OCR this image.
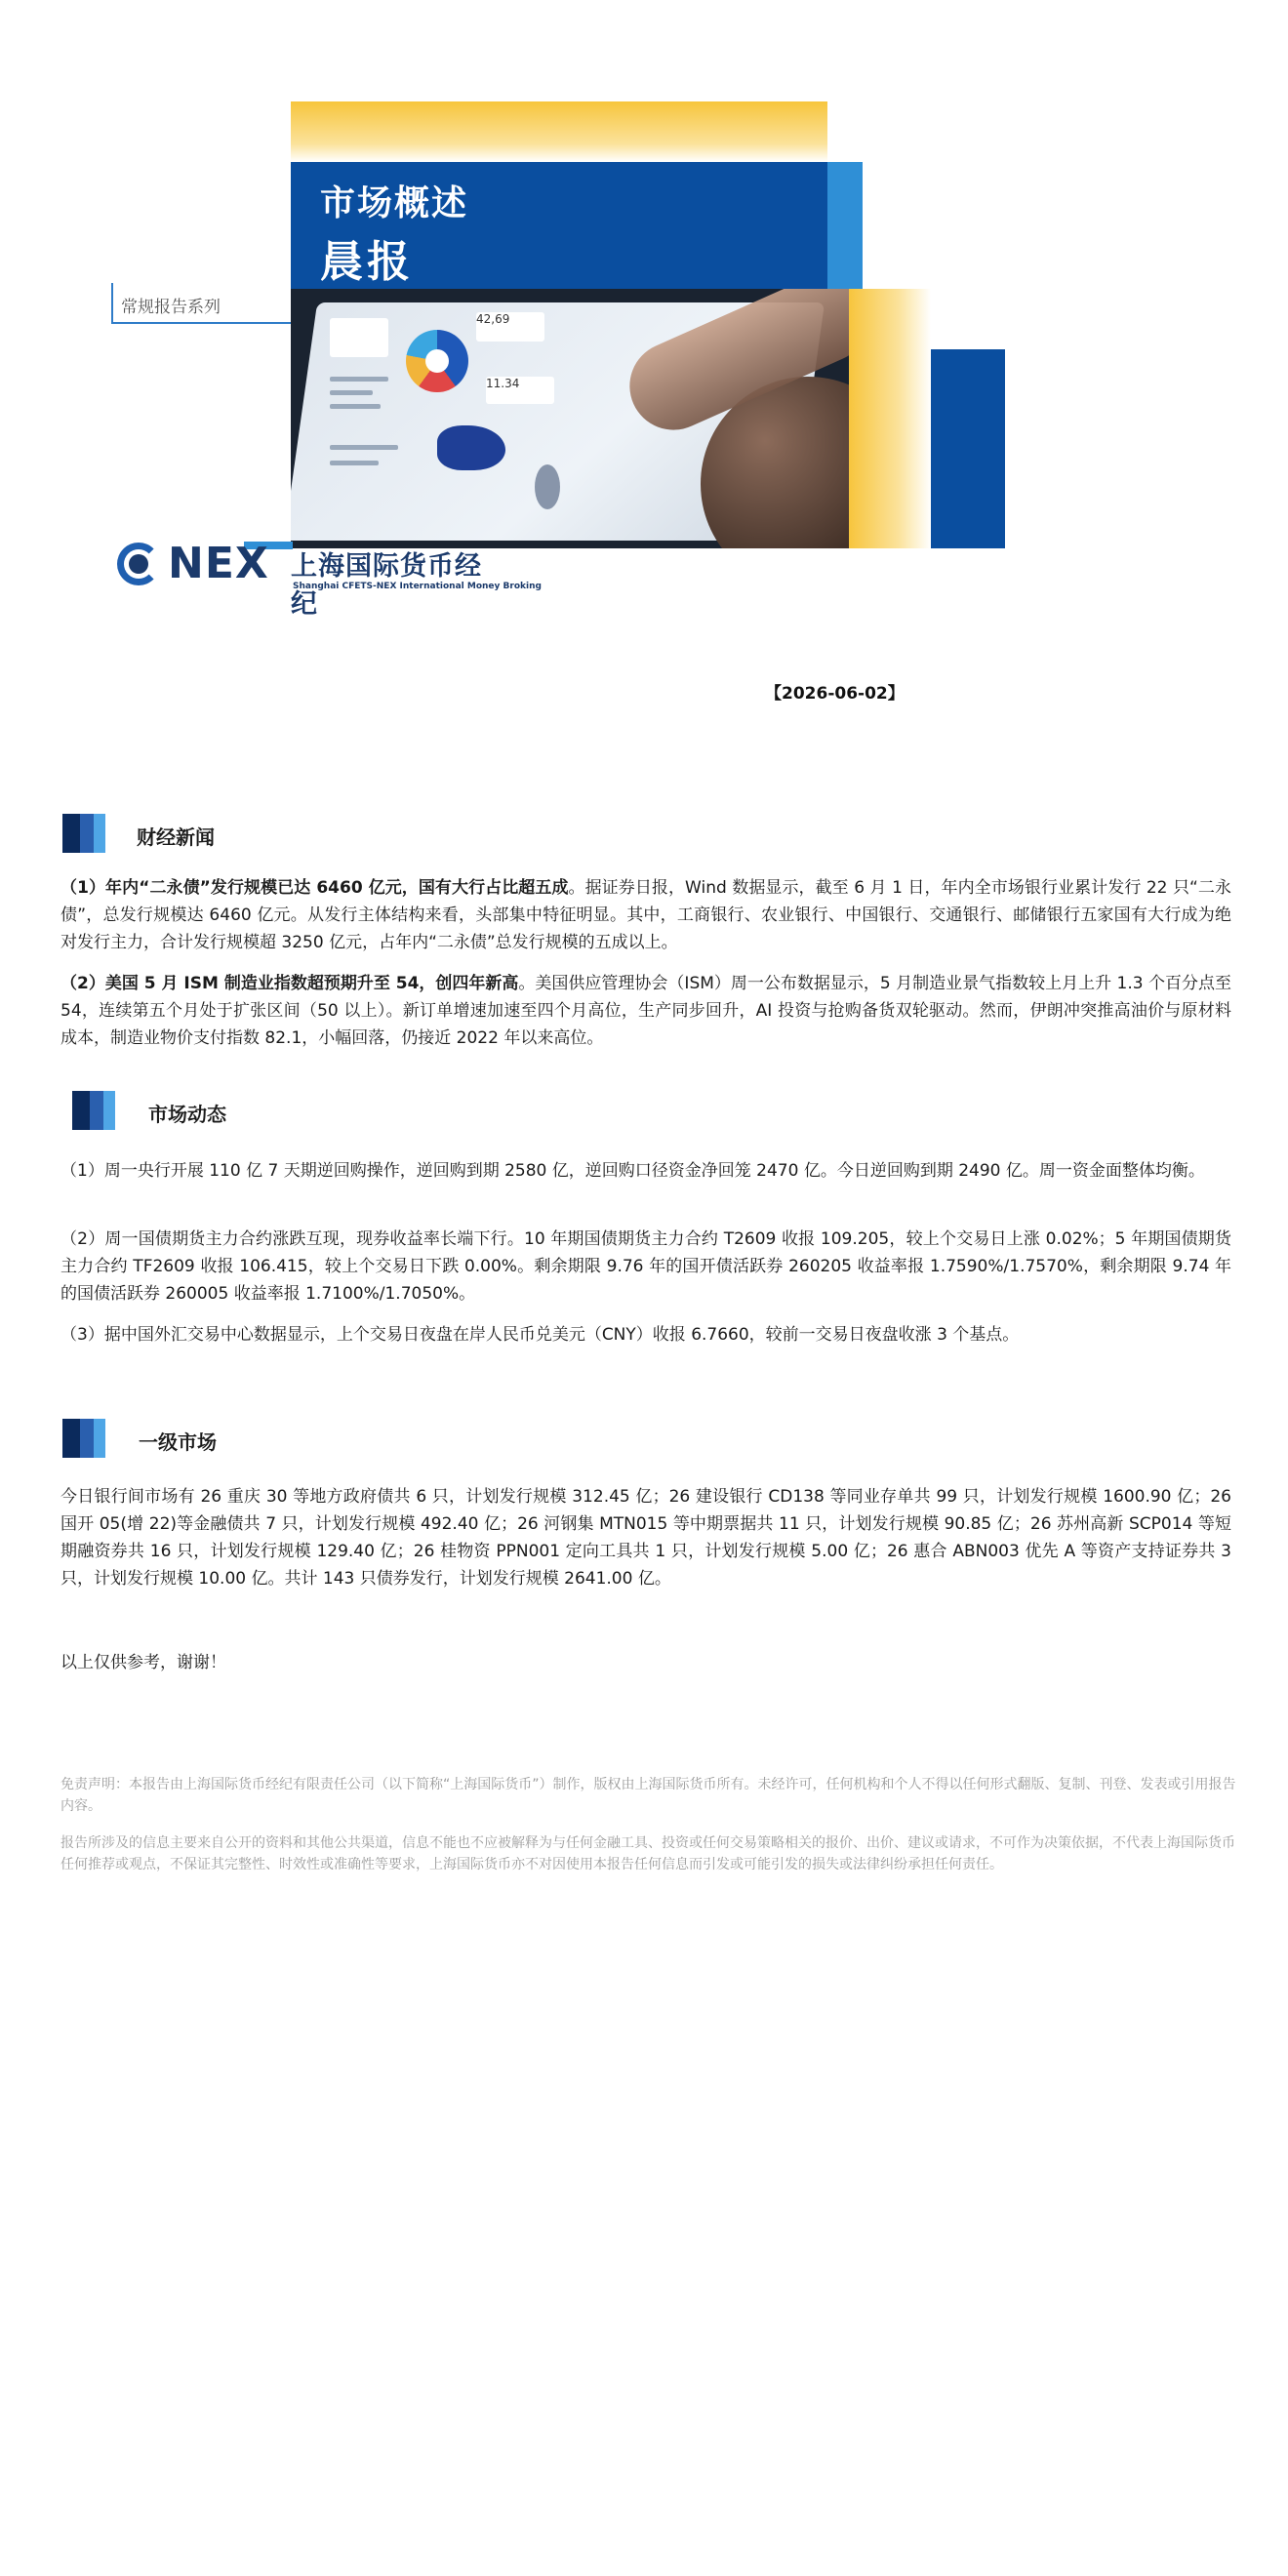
市场概述
晨报
常规报告系列
42,69
11.34
NEX 上海国际货币经纪
Shanghai CFETS-NEX International Money Broking
【2026-06-02】
财经新闻

（1）年内“二永债”发行规模已达 6460 亿元，国有大行占比超五成。据证券日报，Wind 数据显示，截至 6 月 1 日，年内全市场银行业累计发行 22 只“二永债”，总发行规模达 6460 亿元。从发行主体结构来看，头部集中特征明显。其中，工商银行、农业银行、中国银行、交通银行、邮储银行五家国有大行成为绝对发行主力，合计发行规模超 3250 亿元，占年内“二永债”总发行规模的五成以上。

（2）美国 5 月 ISM 制造业指数超预期升至 54，创四年新高。美国供应管理协会（ISM）周一公布数据显示，5 月制造业景气指数较上月上升 1.3 个百分点至 54，连续第五个月处于扩张区间（50 以上）。新订单增速加速至四个月高位，生产同步回升，AI 投资与抢购备货双轮驱动。然而，伊朗冲突推高油价与原材料成本，制造业物价支付指数 82.1，小幅回落，仍接近 2022 年以来高位。

市场动态

（1）周一央行开展 110 亿 7 天期逆回购操作，逆回购到期 2580 亿，逆回购口径资金净回笼 2470 亿。今日逆回购到期 2490 亿。周一资金面整体均衡。

（2）周一国债期货主力合约涨跌互现，现券收益率长端下行。10 年期国债期货主力合约 T2609 收报 109.205，较上个交易日上涨 0.02%；5 年期国债期货主力合约 TF2609 收报 106.415，较上个交易日下跌 0.00%。剩余期限 9.76 年的国开债活跃券 260205 收益率报 1.7590%/1.7570%，剩余期限 9.74 年的国债活跃券 260005 收益率报 1.7100%/1.7050%。

（3）据中国外汇交易中心数据显示，上个交易日夜盘在岸人民币兑美元（CNY）收报 6.7660，较前一交易日夜盘收涨 3 个基点。

一级市场

今日银行间市场有 26 重庆 30 等地方政府债共 6 只，计划发行规模 312.45 亿；26 建设银行 CD138 等同业存单共 99 只，计划发行规模 1600.90 亿；26 国开 05(增 22)等金融债共 7 只，计划发行规模 492.40 亿；26 河钢集 MTN015 等中期票据共 11 只，计划发行规模 90.85 亿；26 苏州高新 SCP014 等短期融资券共 16 只，计划发行规模 129.40 亿；26 桂物资 PPN001 定向工具共 1 只，计划发行规模 5.00 亿；26 惠合 ABN003 优先 A 等资产支持证券共 3 只，计划发行规模 10.00 亿。共计 143 只债券发行，计划发行规模 2641.00 亿。

以上仅供参考，谢谢！

免责声明：本报告由上海国际货币经纪有限责任公司（以下简称“上海国际货币”）制作，版权由上海国际货币所有。未经许可，任何机构和个人不得以任何形式翻版、复制、刊登、发表或引用报告内容。

报告所涉及的信息主要来自公开的资料和其他公共渠道，信息不能也不应被解释为与任何金融工具、投资或任何交易策略相关的报价、出价、建议或请求，不可作为决策依据，不代表上海国际货币任何推荐或观点，不保证其完整性、时效性或准确性等要求，上海国际货币亦不对因使用本报告任何信息而引发或可能引发的损失或法律纠纷承担任何责任。
